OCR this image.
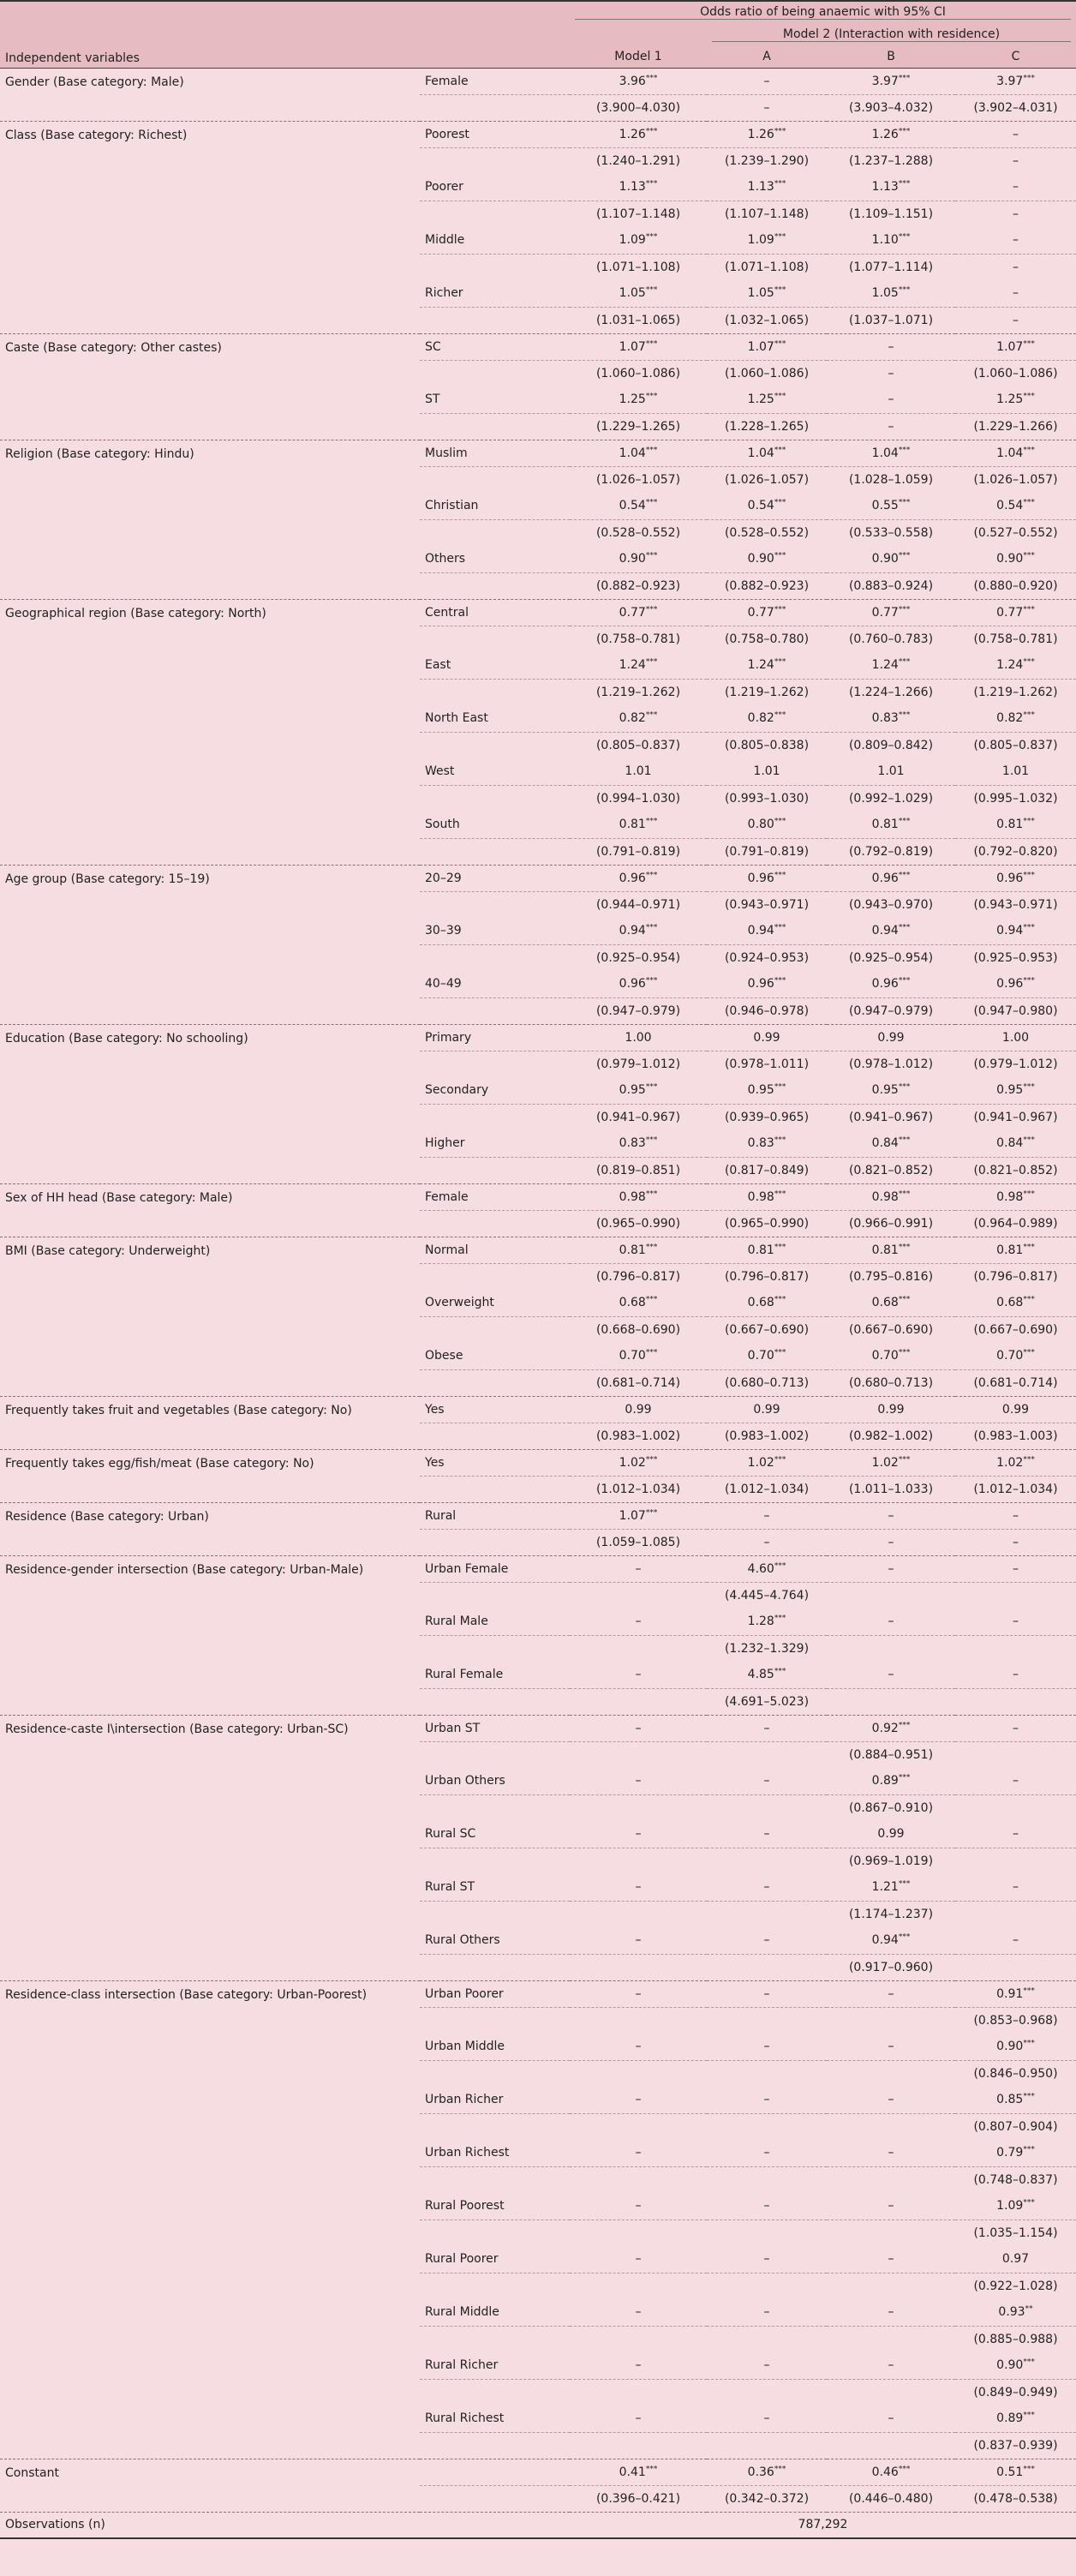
		Odds ratio of being anaemic with 95% CI			

			Model 2 (Interaction with residence)		

Independent variables		Model 1	A	B	C
Gender (Base category: Male)	Female	3.96***	–	3.97***	3.97***
		(3.900–4.030)	–	(3.903–4.032)	(3.902–4.031)
Class (Base category: Richest)	Poorest	1.26***	1.26***	1.26***	–
		(1.240–1.291)	(1.239–1.290)	(1.237–1.288)	–
	Poorer	1.13***	1.13***	1.13***	–
		(1.107–1.148)	(1.107–1.148)	(1.109–1.151)	–
	Middle	1.09***	1.09***	1.10***	–
		(1.071–1.108)	(1.071–1.108)	(1.077–1.114)	–
	Richer	1.05***	1.05***	1.05***	–
		(1.031–1.065)	(1.032–1.065)	(1.037–1.071)	–
Caste (Base category: Other castes)	SC	1.07***	1.07***	–	1.07***
		(1.060–1.086)	(1.060–1.086)	–	(1.060–1.086)
	ST	1.25***	1.25***	–	1.25***
		(1.229–1.265)	(1.228–1.265)	–	(1.229–1.266)
Religion (Base category: Hindu)	Muslim	1.04***	1.04***	1.04***	1.04***
		(1.026–1.057)	(1.026–1.057)	(1.028–1.059)	(1.026–1.057)
	Christian	0.54***	0.54***	0.55***	0.54***
		(0.528–0.552)	(0.528–0.552)	(0.533–0.558)	(0.527–0.552)
	Others	0.90***	0.90***	0.90***	0.90***
		(0.882–0.923)	(0.882–0.923)	(0.883–0.924)	(0.880–0.920)
Geographical region (Base category: North)	Central	0.77***	0.77***	0.77***	0.77***
		(0.758–0.781)	(0.758–0.780)	(0.760–0.783)	(0.758–0.781)
	East	1.24***	1.24***	1.24***	1.24***
		(1.219–1.262)	(1.219–1.262)	(1.224–1.266)	(1.219–1.262)
	North East	0.82***	0.82***	0.83***	0.82***
		(0.805–0.837)	(0.805–0.838)	(0.809–0.842)	(0.805–0.837)
	West	1.01	1.01	1.01	1.01
		(0.994–1.030)	(0.993–1.030)	(0.992–1.029)	(0.995–1.032)
	South	0.81***	0.80***	0.81***	0.81***
		(0.791–0.819)	(0.791–0.819)	(0.792–0.819)	(0.792–0.820)
Age group (Base category: 15–19)	20–29	0.96***	0.96***	0.96***	0.96***
		(0.944–0.971)	(0.943–0.971)	(0.943–0.970)	(0.943–0.971)
	30–39	0.94***	0.94***	0.94***	0.94***
		(0.925–0.954)	(0.924–0.953)	(0.925–0.954)	(0.925–0.953)
	40–49	0.96***	0.96***	0.96***	0.96***
		(0.947–0.979)	(0.946–0.978)	(0.947–0.979)	(0.947–0.980)
Education (Base category: No schooling)	Primary	1.00	0.99	0.99	1.00
		(0.979–1.012)	(0.978–1.011)	(0.978–1.012)	(0.979–1.012)
	Secondary	0.95***	0.95***	0.95***	0.95***
		(0.941–0.967)	(0.939–0.965)	(0.941–0.967)	(0.941–0.967)
	Higher	0.83***	0.83***	0.84***	0.84***
		(0.819–0.851)	(0.817–0.849)	(0.821–0.852)	(0.821–0.852)
Sex of HH head (Base category: Male)	Female	0.98***	0.98***	0.98***	0.98***
		(0.965–0.990)	(0.965–0.990)	(0.966–0.991)	(0.964–0.989)
BMI (Base category: Underweight)	Normal	0.81***	0.81***	0.81***	0.81***
		(0.796–0.817)	(0.796–0.817)	(0.795–0.816)	(0.796–0.817)
	Overweight	0.68***	0.68***	0.68***	0.68***
		(0.668–0.690)	(0.667–0.690)	(0.667–0.690)	(0.667–0.690)
	Obese	0.70***	0.70***	0.70***	0.70***
		(0.681–0.714)	(0.680–0.713)	(0.680–0.713)	(0.681–0.714)
Frequently takes fruit and vegetables (Base category: No)	Yes	0.99	0.99	0.99	0.99
		(0.983–1.002)	(0.983–1.002)	(0.982–1.002)	(0.983–1.003)
Frequently takes egg/fish/meat (Base category: No)	Yes	1.02***	1.02***	1.02***	1.02***
		(1.012–1.034)	(1.012–1.034)	(1.011–1.033)	(1.012–1.034)
Residence (Base category: Urban)	Rural	1.07***	–	–	–
		(1.059–1.085)	–	–	–
Residence-gender intersection (Base category: Urban-Male)	Urban Female	–	4.60***	–	–
			(4.445–4.764)		
	Rural Male	–	1.28***	–	–
			(1.232–1.329)		
	Rural Female	–	4.85***	–	–
			(4.691–5.023)		
Residence-caste I\intersection (Base category: Urban-SC)	Urban ST	–	–	0.92***	–
				(0.884–0.951)	
	Urban Others	–	–	0.89***	–
				(0.867–0.910)	
	Rural SC	–	–	0.99	–
				(0.969–1.019)	
	Rural ST	–	–	1.21***	–
				(1.174–1.237)	
	Rural Others	–	–	0.94***	–
				(0.917–0.960)	
Residence-class intersection (Base category: Urban-Poorest)	Urban Poorer	–	–	–	0.91***
					(0.853–0.968)
	Urban Middle	–	–	–	0.90***
					(0.846–0.950)
	Urban Richer	–	–	–	0.85***
					(0.807–0.904)
	Urban Richest	–	–	–	0.79***
					(0.748–0.837)
	Rural Poorest	–	–	–	1.09***
					(1.035–1.154)
	Rural Poorer	–	–	–	0.97
					(0.922–1.028)
	Rural Middle	–	–	–	0.93**
					(0.885–0.988)
	Rural Richer	–	–	–	0.90***
					(0.849–0.949)
	Rural Richest	–	–	–	0.89***
					(0.837–0.939)
Constant		0.41***	0.36***	0.46***	0.51***
		(0.396–0.421)	(0.342–0.372)	(0.446–0.480)	(0.478–0.538)
Observations (n)		787,292			
